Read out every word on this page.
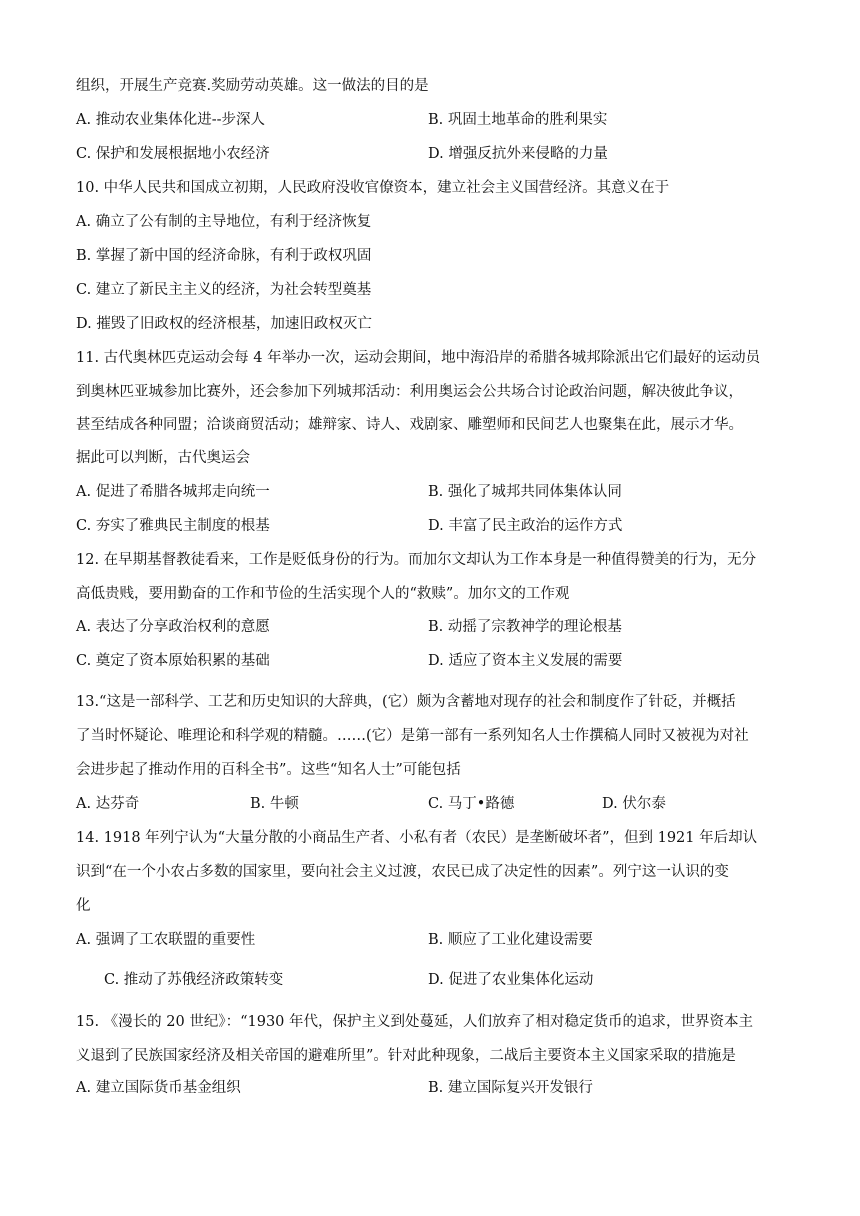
组织，开展生产竞赛.奖励劳动英雄。这一做法的目的是
A. 推动农业集体化进--步深人	B. 巩固土地革命的胜利果实
C. 保护和发展根据地小农经济	D. 增强反抗外来侵略的力量
10. 中华人民共和国成立初期，人民政府没收官僚资本，建立社会主义国营经济。其意义在于
A. 确立了公有制的主导地位，有利于经济恢复
B. 掌握了新中国的经济命脉，有利于政权巩固
C. 建立了新民主主义的经济，为社会转型奠基
D. 摧毁了旧政权的经济根基，加速旧政权灭亡
11. 古代奥林匹克运动会每 4 年举办一次，运动会期间，地中海沿岸的希腊各城邦除派出它们最好的运动员
到奥林匹亚城参加比赛外，还会参加下列城邦活动：利用奥运会公共场合讨论政治问题，解决彼此争议，
甚至结成各种同盟；洽谈商贸活动；雄辩家、诗人、戏剧家、雕塑师和民间艺人也聚集在此，展示才华。
据此可以判断，古代奥运会
A. 促进了希腊各城邦走向统一	B. 强化了城邦共同体集体认同
C. 夯实了雅典民主制度的根基	D. 丰富了民主政治的运作方式
12. 在早期基督教徒看来，工作是贬低身份的行为。而加尔文却认为工作本身是一种值得赞美的行为，无分
高低贵贱，要用勤奋的工作和节俭的生活实现个人的“救赎”。加尔文的工作观
A. 表达了分享政治权利的意愿	B. 动摇了宗教神学的理论根基
C. 奠定了资本原始积累的基础	D. 适应了资本主义发展的需要
13.“这是一部科学、工艺和历史知识的大辞典，(它）颇为含蓄地对现存的社会和制度作了针砭，并概括
了当时怀疑论、唯理论和科学观的精髓。……(它）是第一部有一系列知名人士作撰稿人同时又被视为对社
会进步起了推动作用的百科全书”。这些“知名人士”可能包括
A. 达芬奇	B. 牛顿	C. 马丁•路德	D. 伏尔泰
14. 1918 年列宁认为“大量分散的小商品生产者、小私有者（农民）是垄断破坏者”，但到 1921 年后却认
识到“在一个小农占多数的国家里，要向社会主义过渡，农民已成了决定性的因素”。列宁这一认识的变
化
A. 强调了工农联盟的重要性	B. 顺应了工业化建设需要
C. 推动了苏俄经济政策转变	D. 促进了农业集体化运动
15. 《漫长的 20 世纪》：“1930 年代，保护主义到处蔓延，人们放弃了相对稳定货币的追求，世界资本主
义退到了民族国家经济及相关帝国的避难所里”。针对此种现象，二战后主要资本主义国家采取的措施是
A. 建立国际货币基金组织	B. 建立国际复兴开发银行
